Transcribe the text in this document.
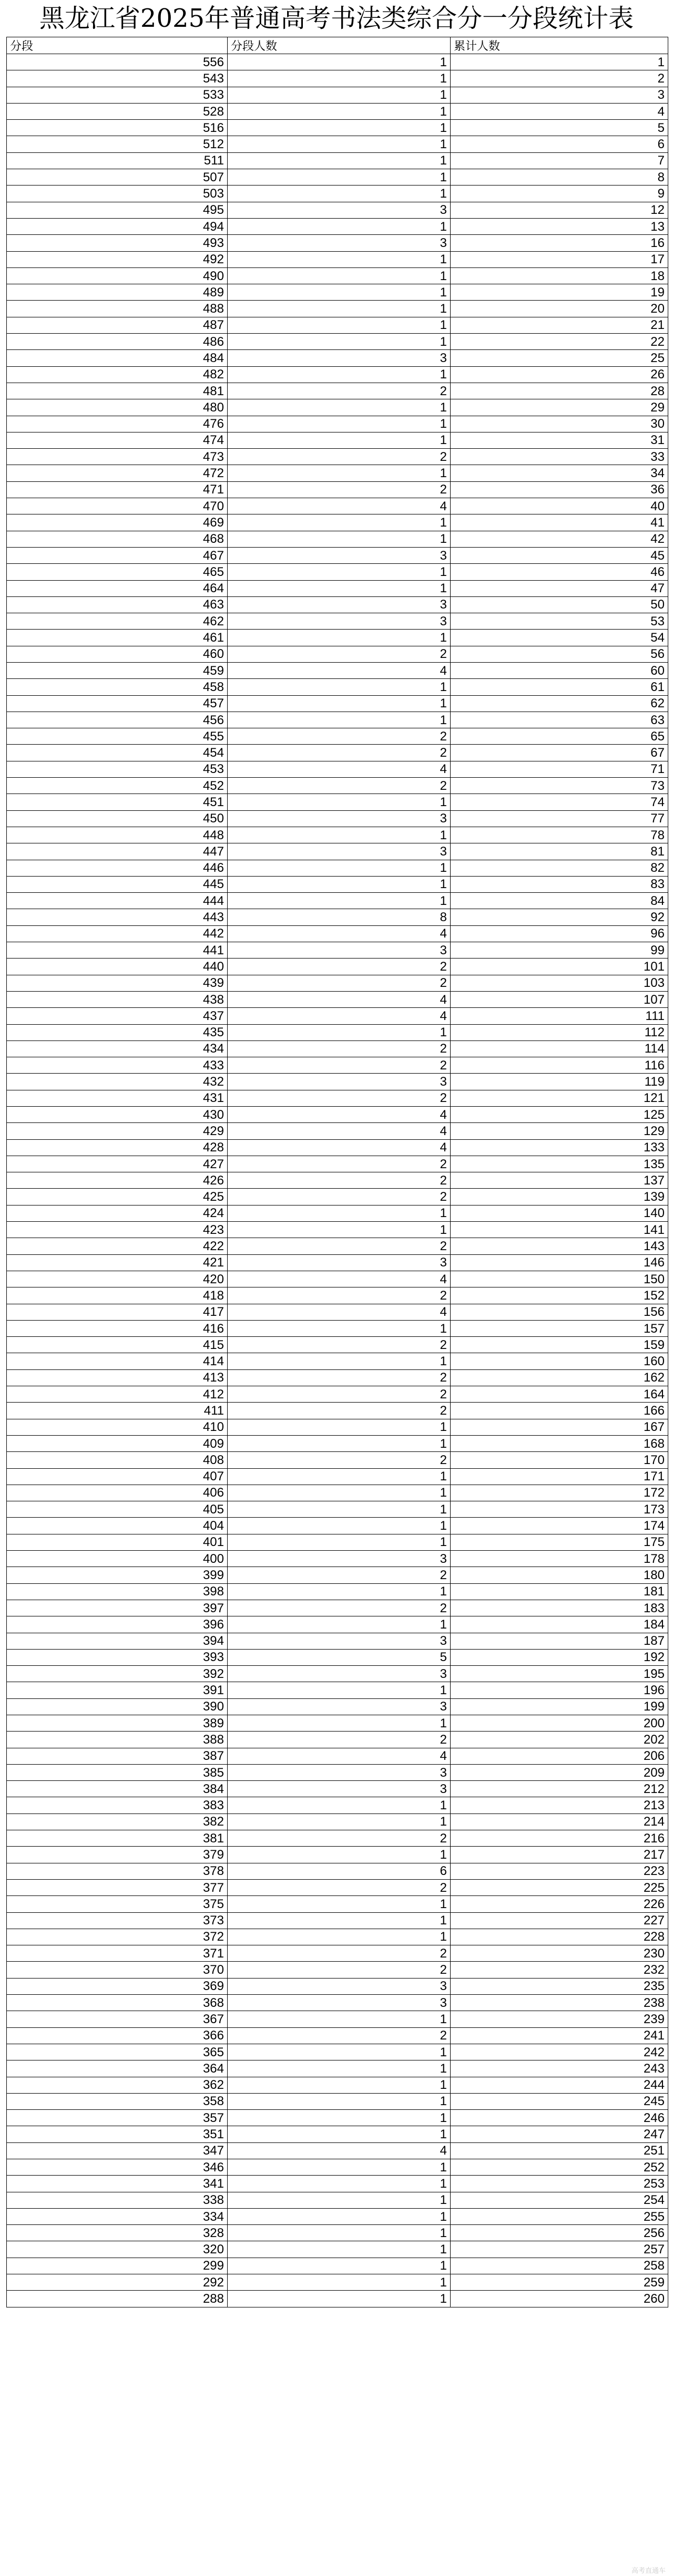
黑龙江省2025年普通高考书法类综合分一分段统计表
分段	分段人数	累计人数
556	1	1
543	1	2
533	1	3
528	1	4
516	1	5
512	1	6
511	1	7
507	1	8
503	1	9
495	3	12
494	1	13
493	3	16
492	1	17
490	1	18
489	1	19
488	1	20
487	1	21
486	1	22
484	3	25
482	1	26
481	2	28
480	1	29
476	1	30
474	1	31
473	2	33
472	1	34
471	2	36
470	4	40
469	1	41
468	1	42
467	3	45
465	1	46
464	1	47
463	3	50
462	3	53
461	1	54
460	2	56
459	4	60
458	1	61
457	1	62
456	1	63
455	2	65
454	2	67
453	4	71
452	2	73
451	1	74
450	3	77
448	1	78
447	3	81
446	1	82
445	1	83
444	1	84
443	8	92
442	4	96
441	3	99
440	2	101
439	2	103
438	4	107
437	4	111
435	1	112
434	2	114
433	2	116
432	3	119
431	2	121
430	4	125
429	4	129
428	4	133
427	2	135
426	2	137
425	2	139
424	1	140
423	1	141
422	2	143
421	3	146
420	4	150
418	2	152
417	4	156
416	1	157
415	2	159
414	1	160
413	2	162
412	2	164
411	2	166
410	1	167
409	1	168
408	2	170
407	1	171
406	1	172
405	1	173
404	1	174
401	1	175
400	3	178
399	2	180
398	1	181
397	2	183
396	1	184
394	3	187
393	5	192
392	3	195
391	1	196
390	3	199
389	1	200
388	2	202
387	4	206
385	3	209
384	3	212
383	1	213
382	1	214
381	2	216
379	1	217
378	6	223
377	2	225
375	1	226
373	1	227
372	1	228
371	2	230
370	2	232
369	3	235
368	3	238
367	1	239
366	2	241
365	1	242
364	1	243
362	1	244
358	1	245
357	1	246
351	1	247
347	4	251
346	1	252
341	1	253
338	1	254
334	1	255
328	1	256
320	1	257
299	1	258
292	1	259
288	1	260
高考直通车
